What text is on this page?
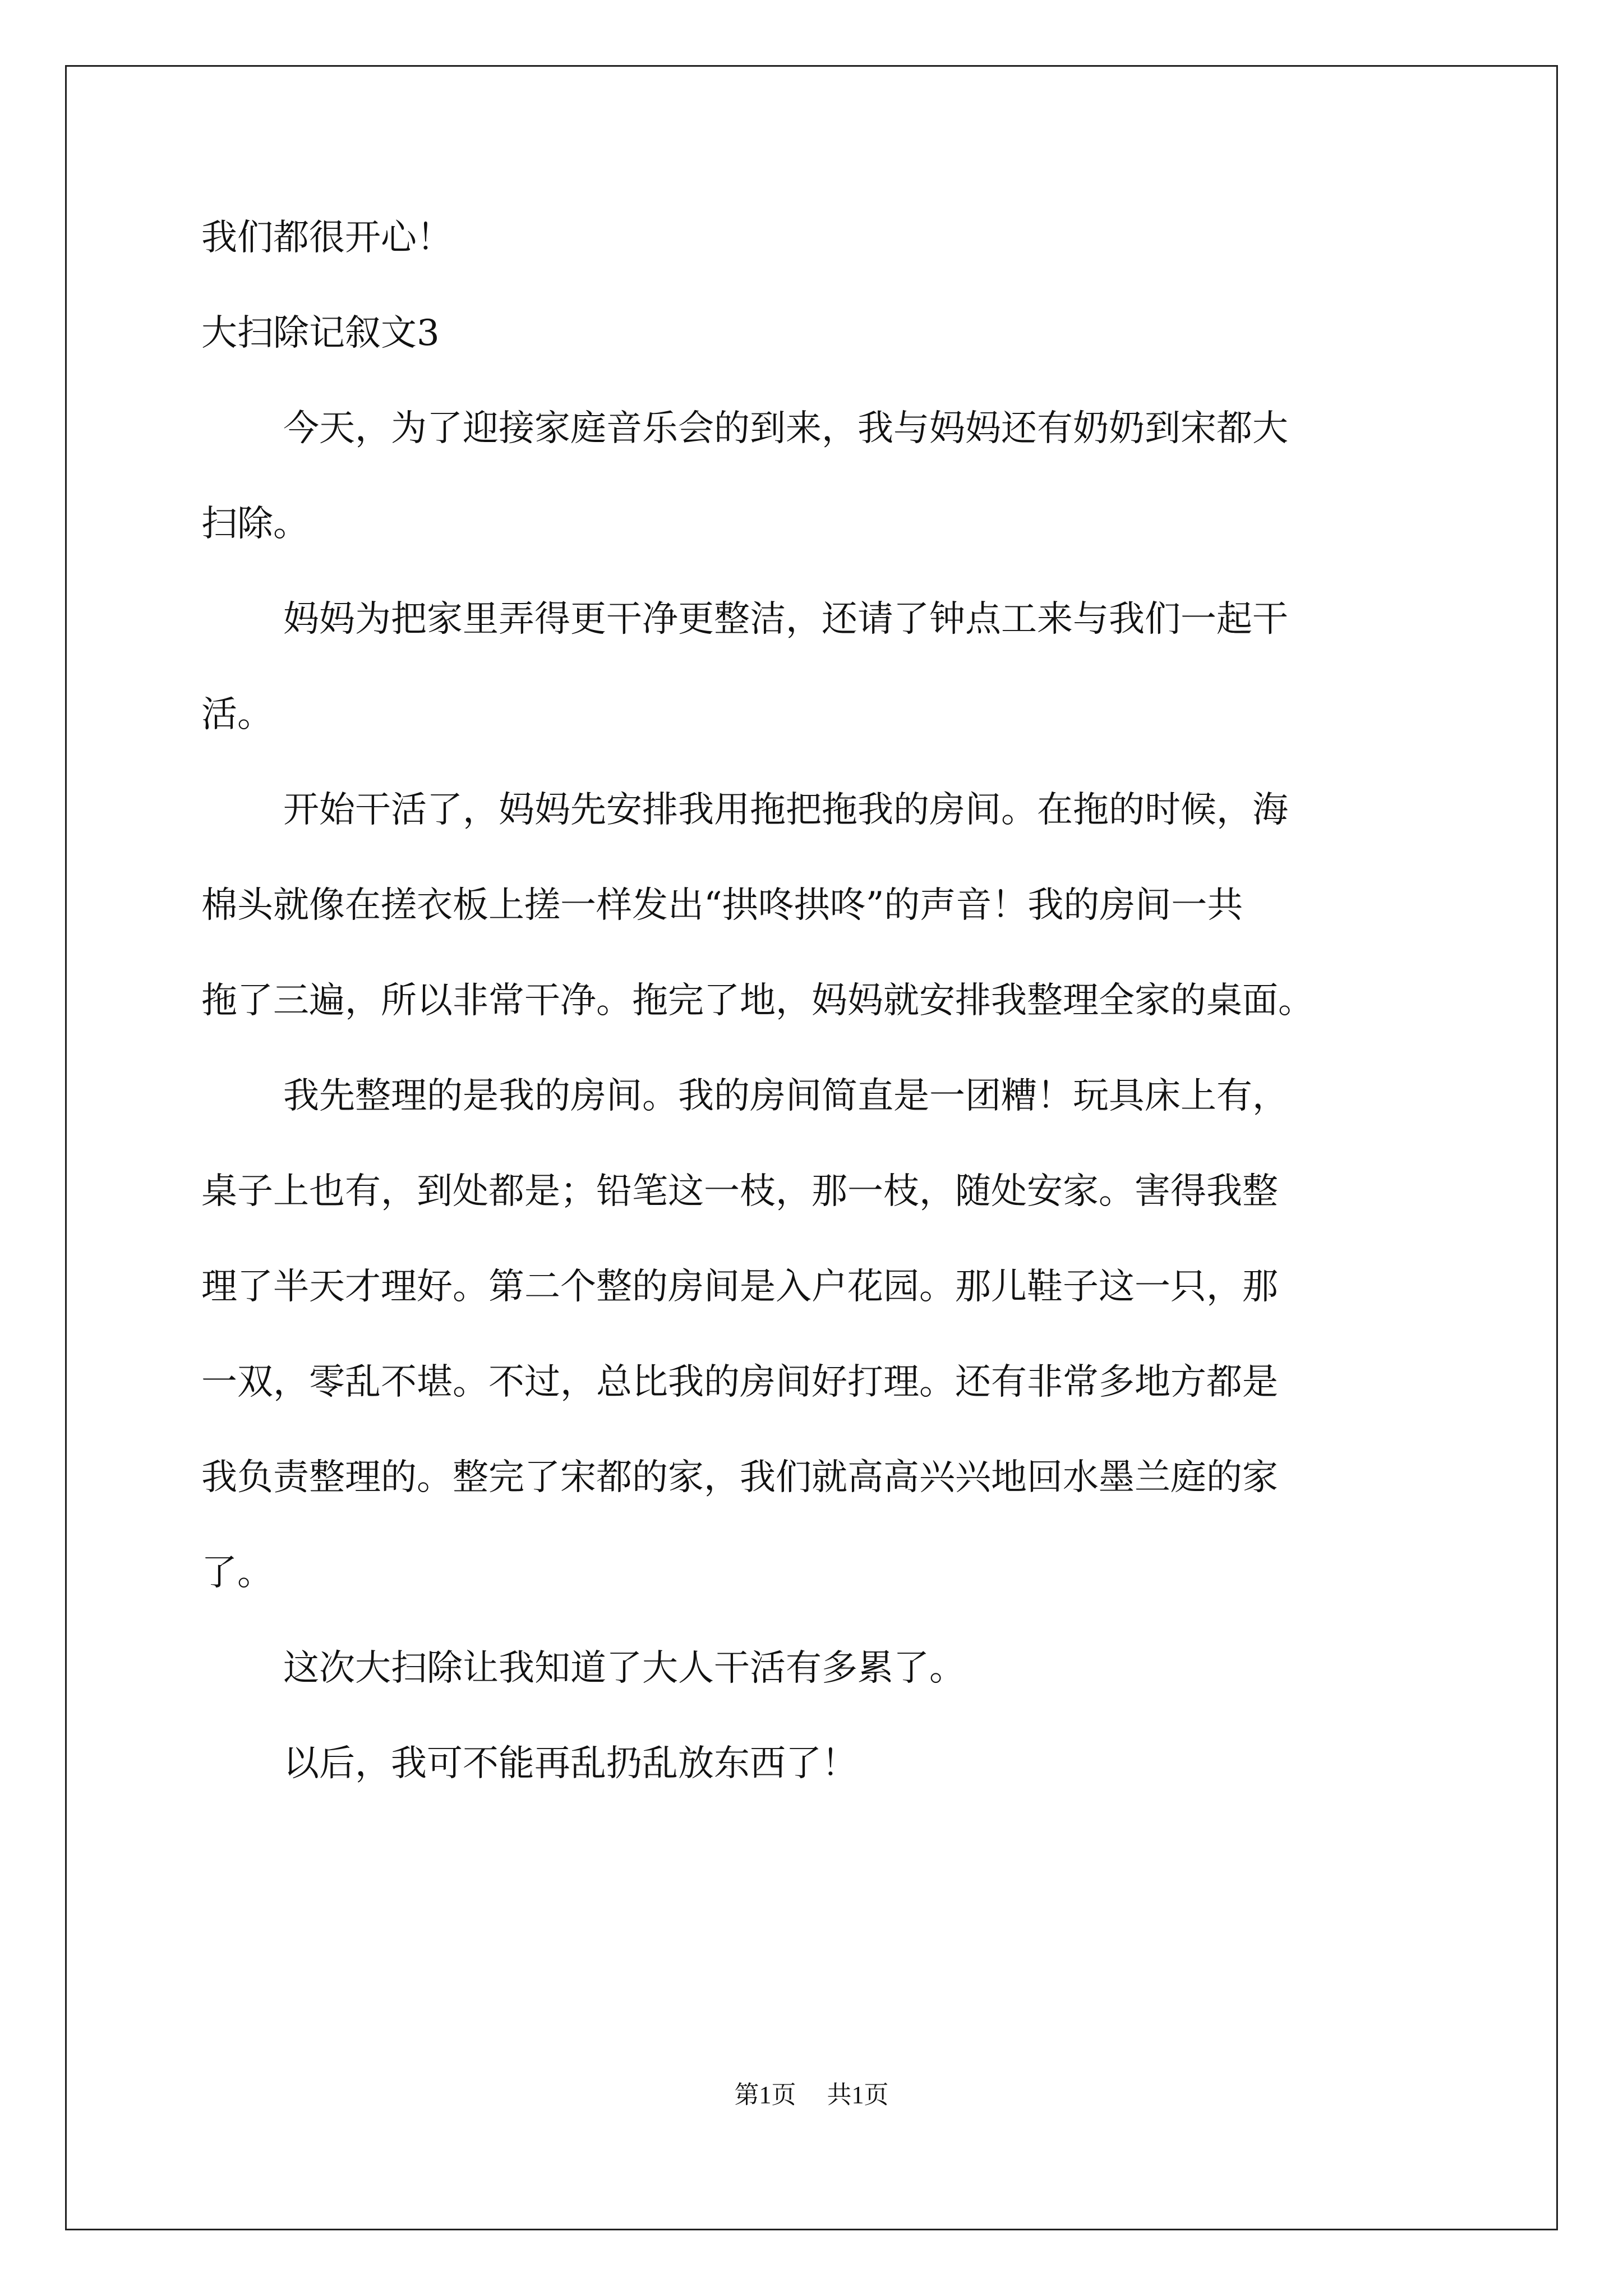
我们都很开心！
大扫除记叙文3
今天，为了迎接家庭音乐会的到来，我与妈妈还有奶奶到宋都大
扫除。
妈妈为把家里弄得更干净更整洁，还请了钟点工来与我们一起干
活。
开始干活了，妈妈先安排我用拖把拖我的房间。在拖的时候，海
棉头就像在搓衣板上搓一样发出“拱咚拱咚”的声音！我的房间一共
拖了三遍，所以非常干净。拖完了地，妈妈就安排我整理全家的桌面。
我先整理的是我的房间。我的房间简直是一团糟！玩具床上有，
桌子上也有，到处都是；铅笔这一枝，那一枝，随处安家。害得我整
理了半天才理好。第二个整的房间是入户花园。那儿鞋子这一只，那
一双，零乱不堪。不过，总比我的房间好打理。还有非常多地方都是
我负责整理的。整完了宋都的家，我们就高高兴兴地回水墨兰庭的家
了。
这次大扫除让我知道了大人干活有多累了。
以后，我可不能再乱扔乱放东西了！
第1页 共1页
